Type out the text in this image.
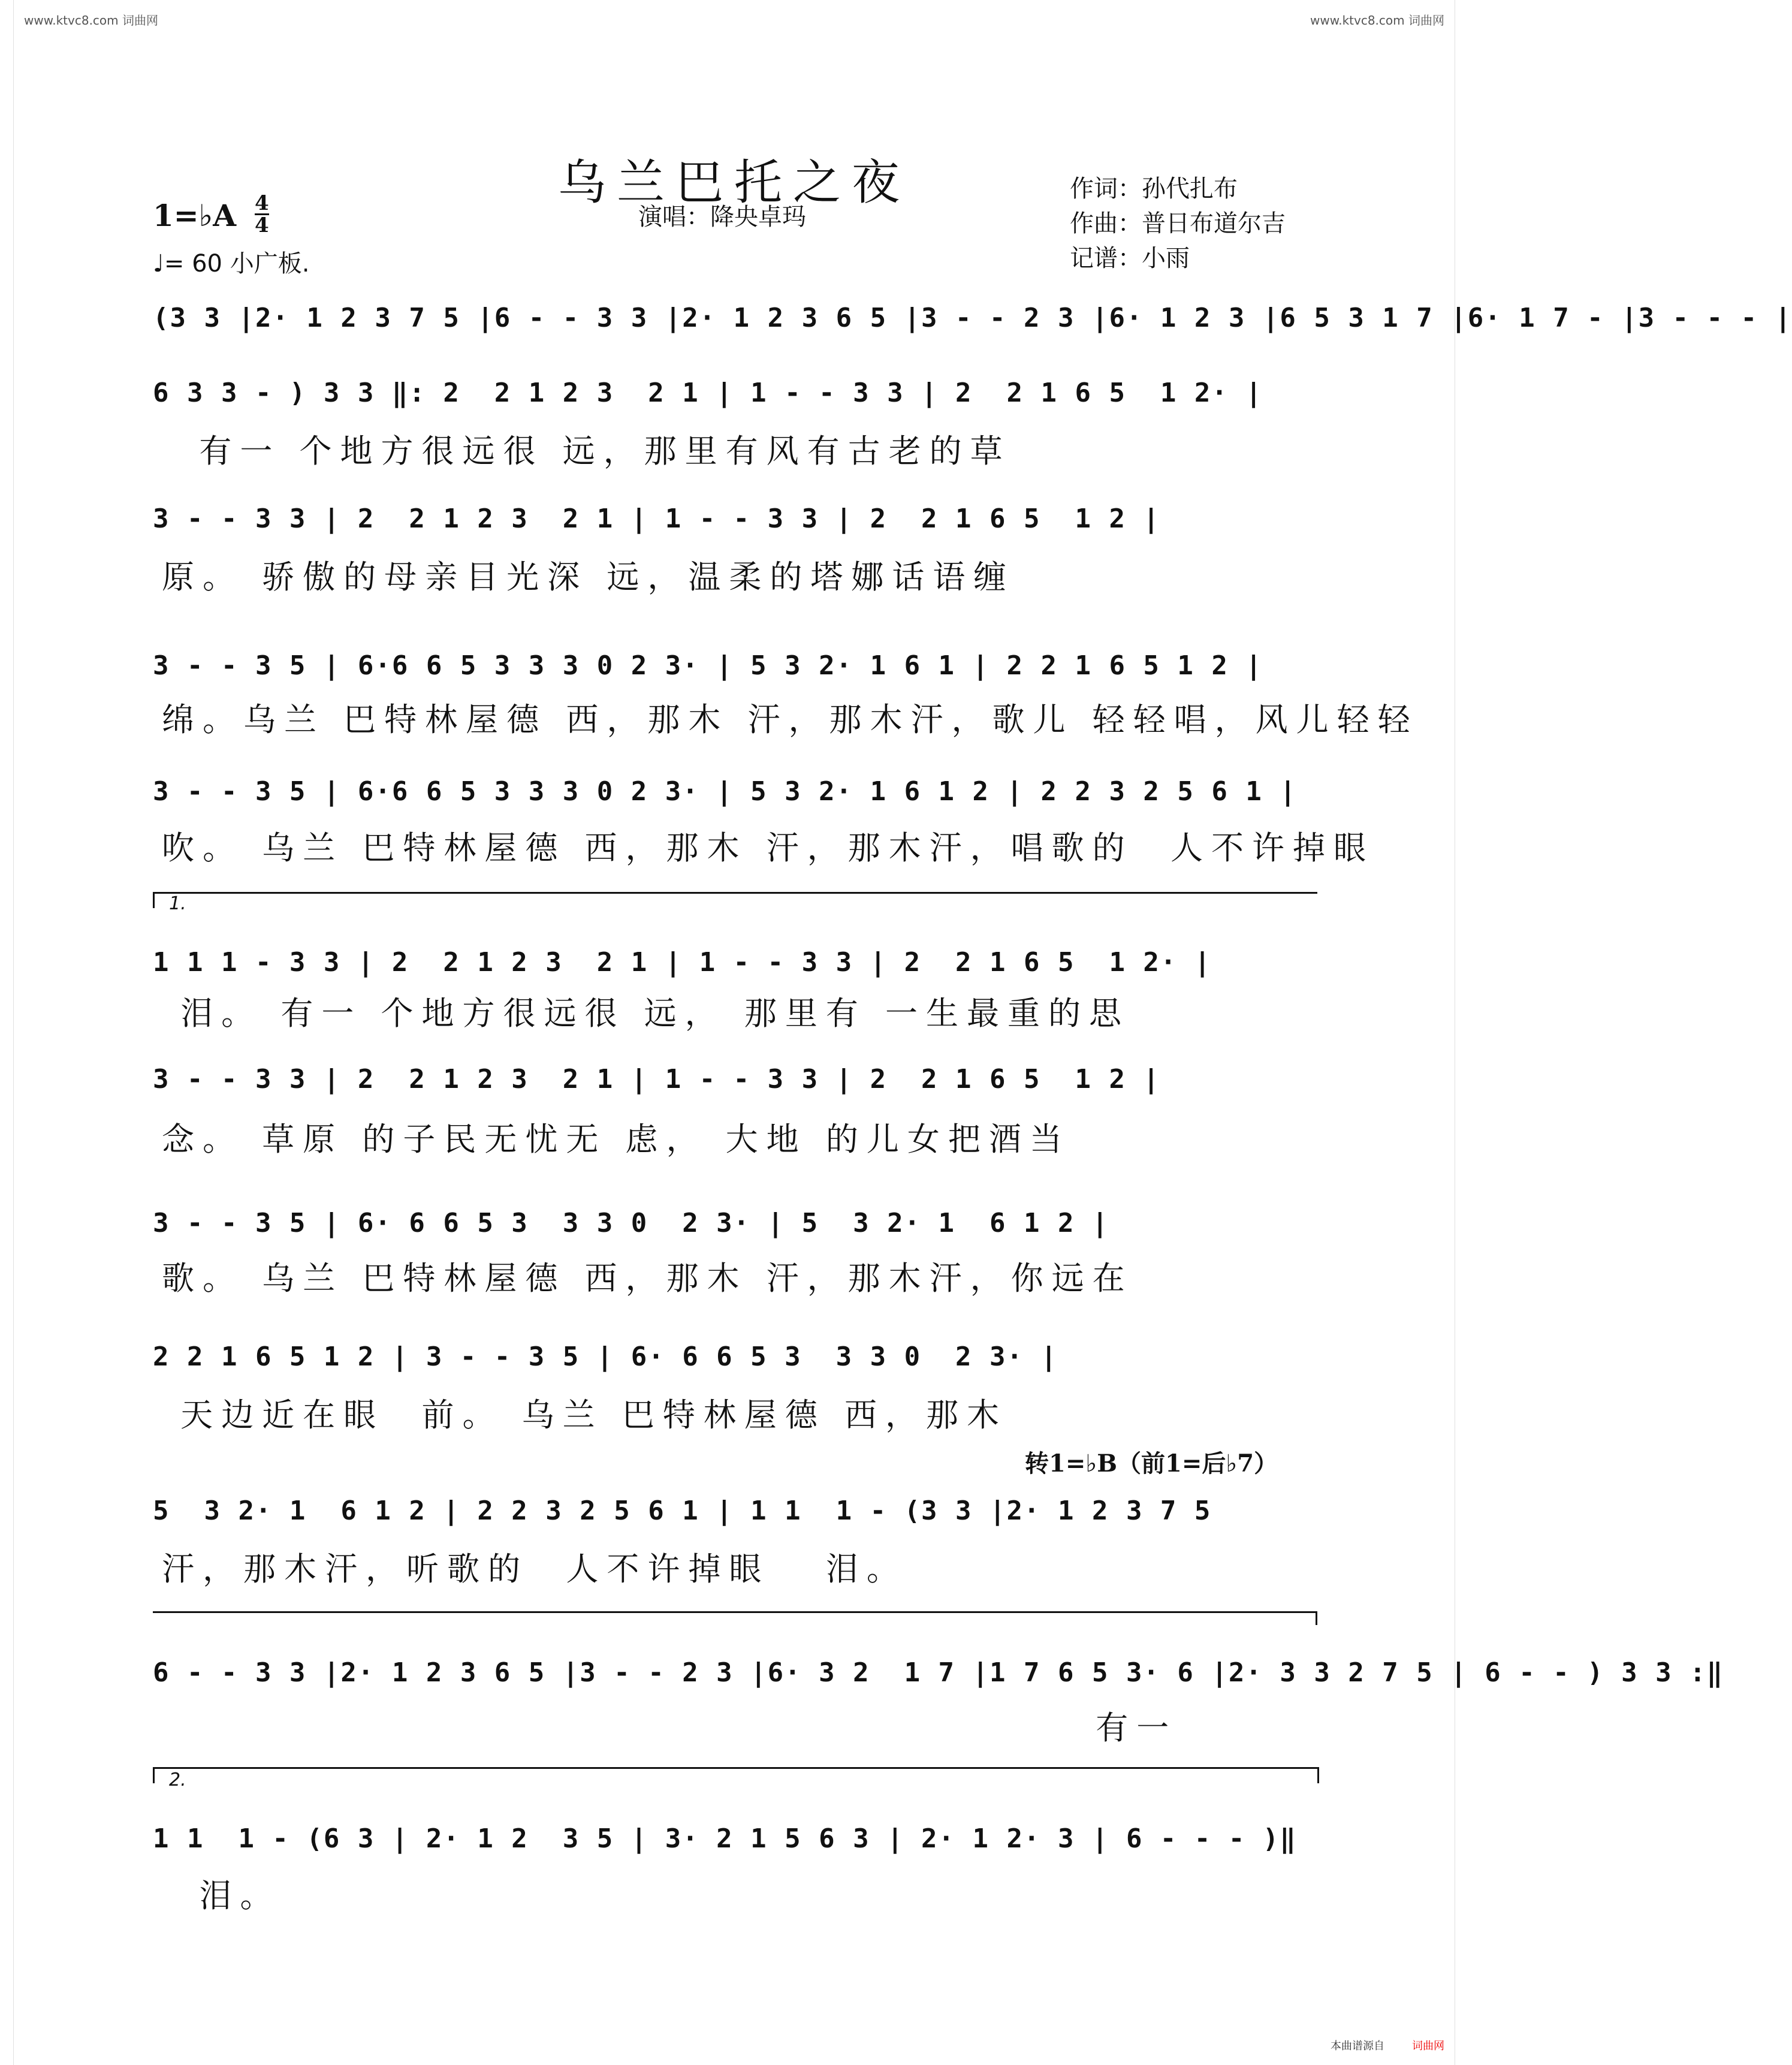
www.ktvc8.com 词曲网	www.ktvc8.com 词曲网
乌兰巴托之夜	作词：孙代扎布
作曲：普日布道尔吉
记谱：小雨
演唱：降央卓玛
1=♭A 4
4
♩= 60 小广板.
(3 3 |2· 1 2 3 7 5 |6 - - 3 3 |2· 1 2 3 6 5 |3 - - 2 3 |6· 1 2 3 |6 5 3 1 7 |6· 1 7 - |3 - - - |
6 3 3 - ) 3 3 ‖: 2  2 1 2 3  2 1 | 1 - - 3 3 | 2  2 1 6 5  1 2· |
有一 个地方很远很 远，那里有风有古老的草
3 - - 3 3 | 2  2 1 2 3  2 1 | 1 - - 3 3 | 2  2 1 6 5  1 2 |
原。 骄傲的母亲目光深 远，温柔的塔娜话语缠
3 - - 3 5 | 6·6 6 5 3 3 3 0 2 3· | 5 3 2· 1 6 1 | 2 2 1 6 5 1 2 |
绵。乌兰 巴特林屋德 西，那木 汗，那木汗，歌儿 轻轻唱，风儿轻轻
3 - - 3 5 | 6·6 6 5 3 3 3 0 2 3· | 5 3 2· 1 6 1 2 | 2 2 3 2 5 6 1 |
吹。 乌兰 巴特林屋德 西，那木 汗，那木汗，唱歌的  人不许掉眼
1.
1 1 1 - 3 3 | 2  2 1 2 3  2 1 | 1 - - 3 3 | 2  2 1 6 5  1 2· |
泪。 有一 个地方很远很 远， 那里有 一生最重的思
3 - - 3 3 | 2  2 1 2 3  2 1 | 1 - - 3 3 | 2  2 1 6 5  1 2 |
念。 草原 的子民无忧无 虑， 大地 的儿女把酒当
3 - - 3 5 | 6· 6 6 5 3  3 3 0  2 3· | 5  3 2· 1  6 1 2 |
歌。 乌兰 巴特林屋德 西，那木 汗，那木汗，你远在
2 2 1 6 5 1 2 | 3 - - 3 5 | 6· 6 6 5 3  3 3 0  2 3· |
天边近在眼  前。 乌兰 巴特林屋德 西，那木
转1=♭B（前1=后♭7）
5  3 2· 1  6 1 2 | 2 2 3 2 5 6 1 | 1 1  1 - (3 3 |2· 1 2 3 7 5
汗，那木汗，听歌的  人不许掉眼   泪。
6 - - 3 3 |2· 1 2 3 6 5 |3 - - 2 3 |6· 3 2  1 7 |1 7 6 5 3· 6 |2· 3 3 2 7 5 | 6 - - ) 3 3 :‖
有一
2.
1 1  1 - (6 3 | 2· 1 2  3 5 | 3· 2 1 5 6 3 | 2· 1 2· 3 | 6 - - - )‖
泪。
本曲谱源自	词曲网
